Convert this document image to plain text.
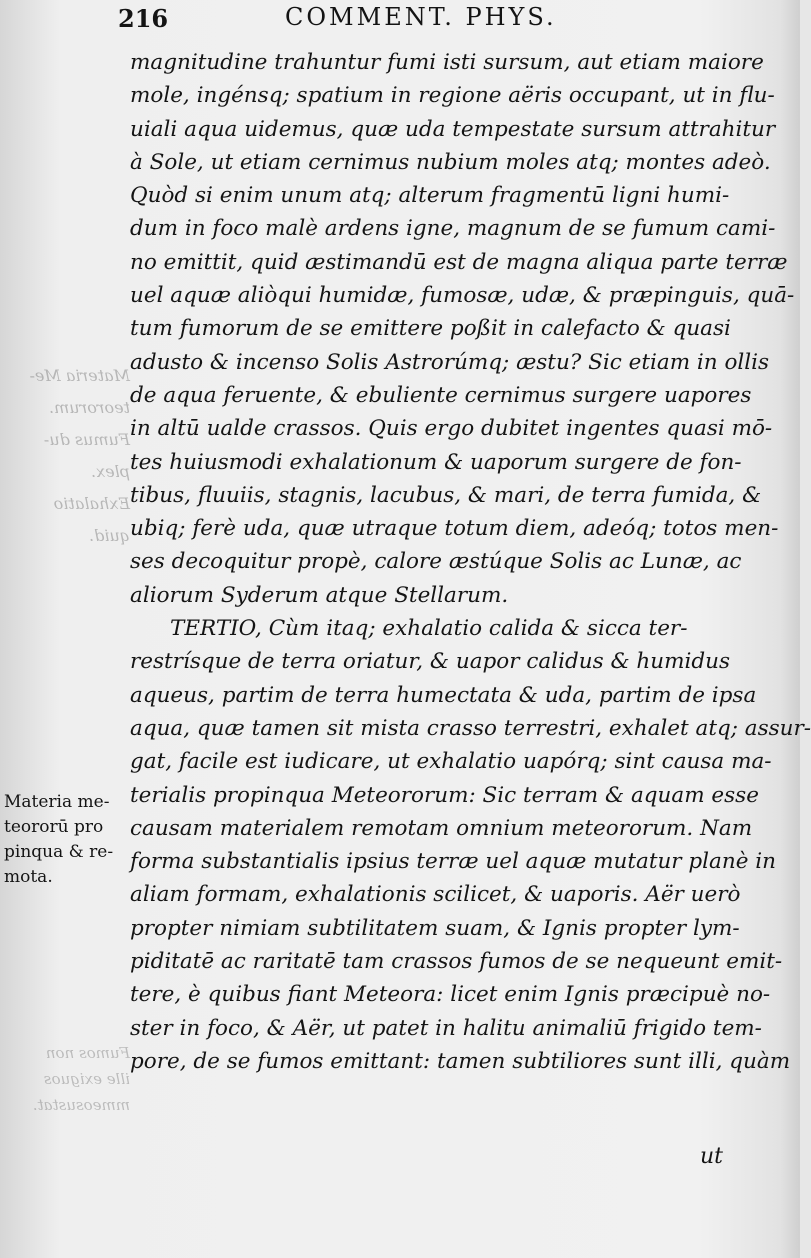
Materia Me-
teororum.
Fumus du-
plex.
Exhalatio
quid.
Fumos non
ille exiguos
mmeosustat.
216	COMMENT. PHYS.
magnitudine trahuntur fumi isti sursum, aut etiam maiore
mole, ingénsq; spatium in regione aëris occupant, ut in flu-
uiali aqua uidemus, quæ uda tempestate sursum attrahitur
à Sole, ut etiam cernimus nubium moles atq; montes adeò.
Quòd si enim unum atq; alterum fragmentū ligni humi-
dum in foco malè ardens igne, magnum de se fumum cami-
no emittit, quid æstimandū est de magna aliqua parte terræ
uel aquæ aliòqui humidæ, fumosæ, udæ, & præpinguis, quā-
tum fumorum de se emittere poßit in calefacto & quasi
adusto & incenso Solis Astrorúmq; æstu? Sic etiam in ollis
de aqua feruente, & ebuliente cernimus surgere uapores
in altū ualde crassos. Quis ergo dubitet ingentes quasi mō-
tes huiusmodi exhalationum & uaporum surgere de fon-
tibus, fluuiis, stagnis, lacubus, & mari, de terra fumida, &
ubiq; ferè uda, quæ utraque totum diem, adeóq; totos men-
ses decoquitur propè, calore æstúque Solis ac Lunæ, ac
aliorum Syderum atque Stellarum.
TERTIO, Cùm itaq; exhalatio calida & sicca ter-
restrísque de terra oriatur, & uapor calidus & humidus
aqueus, partim de terra humectata & uda, partim de ipsa
aqua, quæ tamen sit mista crasso terrestri, exhalet atq; assur-
gat, facile est iudicare, ut exhalatio uapórq; sint causa ma-
terialis propinqua Meteororum: Sic terram & aquam esse
causam materialem remotam omnium meteororum. Nam
forma substantialis ipsius terræ uel aquæ mutatur planè in
aliam formam, exhalationis scilicet, & uaporis. Aër uerò
propter nimiam subtilitatem suam, & Ignis propter lym-
piditatē ac raritatē tam crassos fumos de se nequeunt emit-
tere, è quibus fiant Meteora: licet enim Ignis præcipuè no-
ster in foco, & Aër, ut patet in halitu animaliū frigido tem-
pore, de se fumos emittant: tamen subtiliores sunt illi, quàm
ut
Materia me-
teororū pro
pinqua & re-
mota.
